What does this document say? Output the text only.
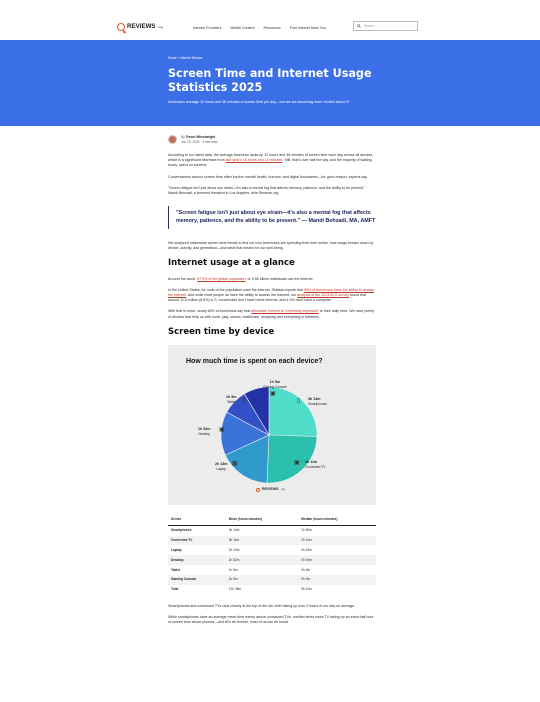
REVIEWS .org	Internet Providers	Mobile Content	Resources	Find Internet Near You
Search
Home > Internet Service
Screen Time and Internet Usage Statistics 2025
Americans average 12 hours and 36 minutes of screen time per day—but are we becoming more mindful about it?
By Trevor Wheelwright
Jun 15, 2025 · 4 min read

According to our latest data, the average American racks up 12 hours and 36 minutes of screen time each day across all devices, which is a significant decrease from last year's 16 hours and 10 minutes. Still, that's over half the day, and the majority of waking hours, spent on screens.

Conversations around screen time often involve mental health, burnout, and digital boundaries—for good reason, experts say.

"Screen fatigue isn't just about eye strain—it's also a mental fog that affects memory, patience, and the ability to be present," Mandi Behzadi, a licensed therapist in Los Angeles, tells Reviews.org.

"Screen fatigue isn't just about eye strain—it's also a mental fog that affects memory, patience, and the ability to be present." — Mandi Behzadi, MA, AMFT

We analyzed nationwide screen time trends to find out how Americans are spending their time online, how usage breaks down by device, activity, and generation—and what that means for our well-being.

Internet usage at a glance

Around the world, 67.9% of the global population, or 5.56 billion individuals use the internet.

In the United States, for most of the population uses the internet. Statista reports that 95% of Americans have the ability to access the internet. And while most people do have the ability to access the internet, our analysis of the 2023 ACS survey found that around 11.5 million (8.8%) U.S. households don't have home internet, and 4.3% don't have a computer.

With that in mind, nearly 48% of Americans say that affordable internet is "extremely important" to their daily lives. We have plenty of devices that help us with work, play, school, healthcare, shopping and everything in between.

Screen time by device
How much time is spent on each device?
1h 5m
Gaming Console
▣
1h 5m
Tablet ▯	3h 14m
Smartphones
▯
1h 52m
Desktop
▣
3h 11m
Connected TV
▣
2h 13m
Laptop
▩
REVIEWS .org
Device	Mean (hours:minutes)	Median (hours:minutes)
Smartphones	3h 14m	1h 50m
Connected TV	3h 11m	2h 10m
Laptop	2h 13m	0h 51m
Desktop	1h 52m	0h 19m
Tablet	1h 5m	0h 0m
Gaming Console	1h 5m	0h 0m
Total	12h 36m	5h 10m

Smartphones and connected TVs rank closely at the top of the list, both taking up over 3 hours of our day on average.

While smartphones have an average mean time barely above connected TVs, median times show TV taking up an extra half hour of screen time above phones—and let's be honest, most of us can be found
